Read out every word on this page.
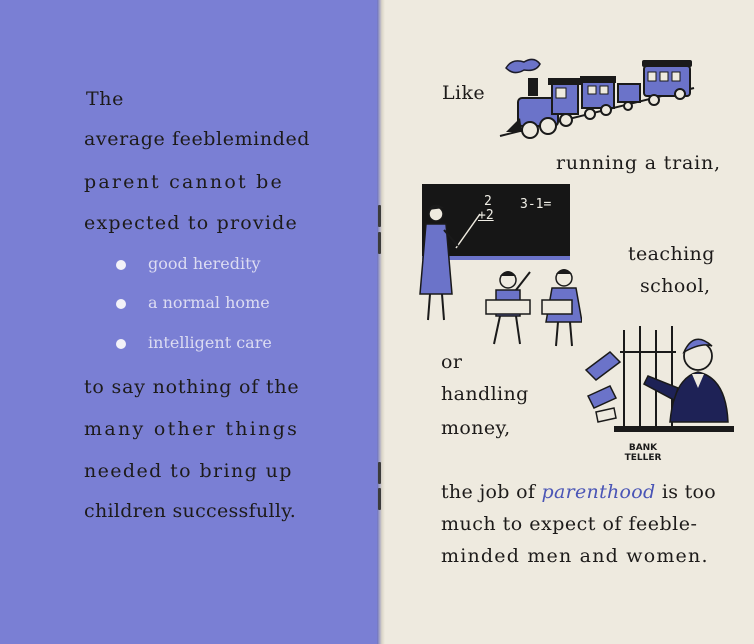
The
average feebleminded
parent cannot be
expected to provide
good heredity
a normal home
intelligent care
to say nothing of the
many other things
needed to bring up
children successfully.
Like
running a train,
teaching
school,
or
handling
money,
the job of parenthood is too
much to expect of feeble-
minded men and women.
2
+2
3-1=
BANK
TELLER
